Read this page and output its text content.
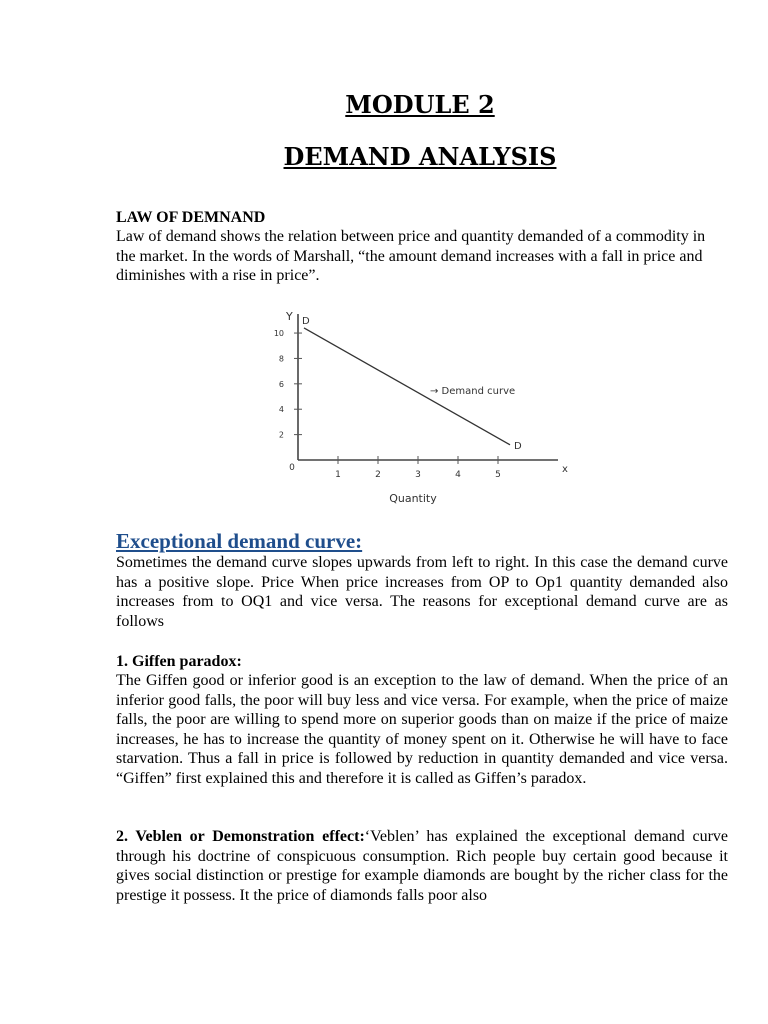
MODULE 2
DEMAND ANALYSIS
LAW OF DEMNAND
Law of demand shows the relation between price and quantity demanded of a commodity in the market. In the words of Marshall, “the amount demand increases with a fall in price and diminishes with a rise in price”.
1	2	3	4	5
2
4
6
8
10
D
D
→ Demand curve
Y
x
0
Quantity
Exceptional demand curve:
Sometimes the demand curve slopes upwards from left to right. In this case the demand curve has a positive slope. Price When price increases from OP to Op1 quantity demanded also increases from to OQ1 and vice versa. The reasons for exceptional demand curve are as follows
1. Giffen paradox:
The Giffen good or inferior good is an exception to the law of demand. When the price of an inferior good falls, the poor will buy less and vice versa. For example, when the price of maize falls, the poor are willing to spend more on superior goods than on maize if the price of maize increases, he has to increase the quantity of money spent on it. Otherwise he will have to face starvation. Thus a fall in price is followed by reduction in quantity demanded and vice versa. “Giffen” first explained this and therefore it is called as Giffen’s paradox.
2. Veblen or Demonstration effect:‘Veblen’ has explained the exceptional demand curve through his doctrine of conspicuous consumption. Rich people buy certain good because it gives social distinction or prestige for example diamonds are bought by the richer class for the prestige it possess. It the price of diamonds falls poor also
